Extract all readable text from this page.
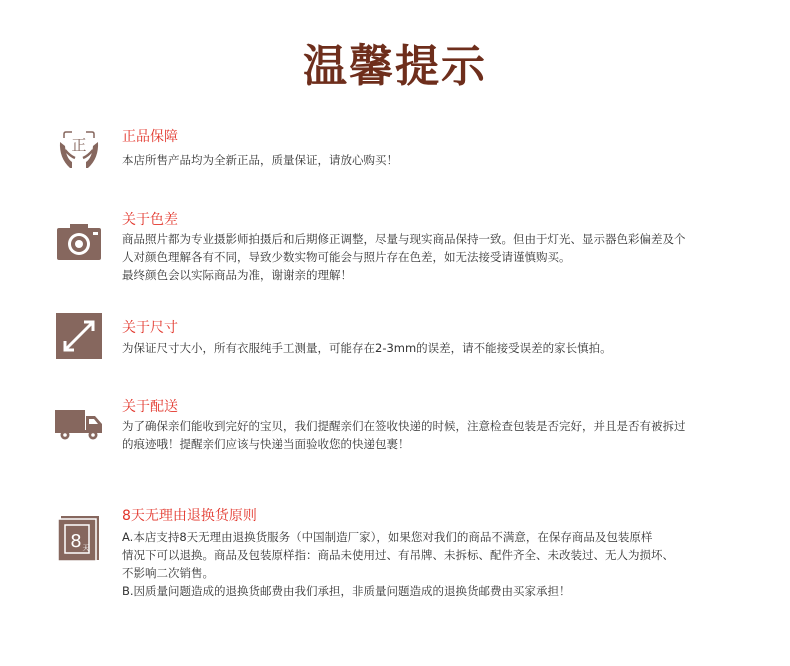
温馨提示
正	正品保障

本店所售产品均为全新正品，质量保证，请放心购买！

关于色差

商品照片都为专业摄影师拍摄后和后期修正调整，尽量与现实商品保持一致。但由于灯光、显示器色彩偏差及个

人对颜色理解各有不同，导致少数实物可能会与照片存在色差，如无法接受请谨慎购买。

最终颜色会以实际商品为准，谢谢亲的理解！

关于尺寸

为保证尺寸大小，所有衣服纯手工测量，可能存在2-3mm的误差，请不能接受误差的家长慎拍。

关于配送

为了确保亲们能收到完好的宝贝，我们提醒亲们在签收快递的时候，注意检查包装是否完好，并且是否有被拆过

的痕迹哦！提醒亲们应该与快递当面验收您的快递包裹！

8 天
8天无理由退换货原则

A.本店支持8天无理由退换货服务（中国制造厂家），如果您对我们的商品不满意，在保存商品及包装原样

情况下可以退换。商品及包装原样指：商品未使用过、有吊牌、未拆标、配件齐全、未改装过、无人为损坏、

不影响二次销售。

B.因质量问题造成的退换货邮费由我们承担，非质量问题造成的退换货邮费由买家承担！
